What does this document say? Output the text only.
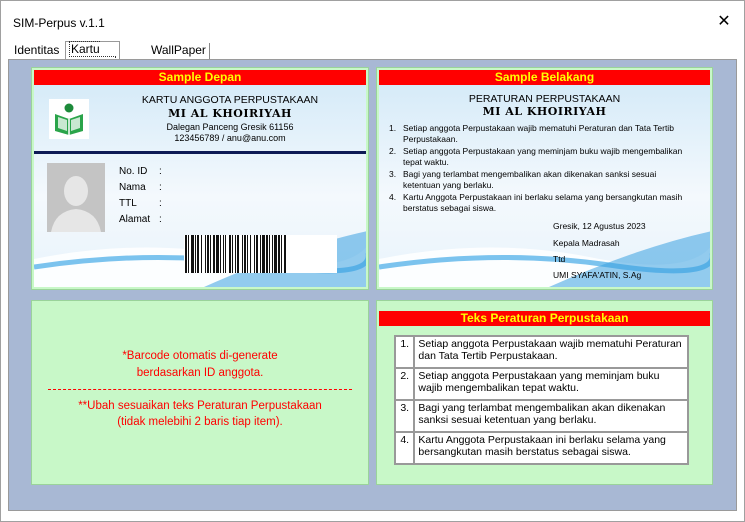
SIM-Perpus v.1.1	✕
Identitas Kartu	WallPaper
Sample Depan
KARTU ANGGOTA PERPUSTAKAAN
MI AL KHOIRIYAH
Dalegan Panceng Gresik 61156
123456789 / anu@anu.com
No. ID	:
Nama	:
TTL	:
Alamat :
Sample Belakang
PERATURAN PERPUSTAKAAN
MI AL KHOIRIYAH
1. Setiap anggota Perpustakaan wajib mematuhi Peraturan dan Tata Tertib Perpustakaan.
2. Setiap anggota Perpustakaan yang meminjam buku wajib mengembalikan tepat waktu.
3. Bagi yang terlambat mengembalikan akan dikenakan sanksi sesuai ketentuan yang berlaku.
4. Kartu Anggota Perpustakaan ini berlaku selama yang bersangkutan masih berstatus sebagai siswa.
Gresik, 12 Agustus 2023
Kepala Madrasah
Ttd
UMI SYAFA'ATIN, S.Ag
*Barcode otomatis di-generate
berdasarkan ID anggota.
**Ubah sesuaikan teks Peraturan Perpustakaan
(tidak melebihi 2 baris tiap item).
Teks Peraturan Perpustakaan
1.	Setiap anggota Perpustakaan wajib mematuhi Peraturan dan Tata Tertib Perpustakaan.
2.	Setiap anggota Perpustakaan yang meminjam buku wajib mengembalikan tepat waktu.
3.	Bagi yang terlambat mengembalikan akan dikenakan sanksi sesuai ketentuan yang berlaku.
4.	Kartu Anggota Perpustakaan ini berlaku selama yang bersangkutan masih berstatus sebagai siswa.
